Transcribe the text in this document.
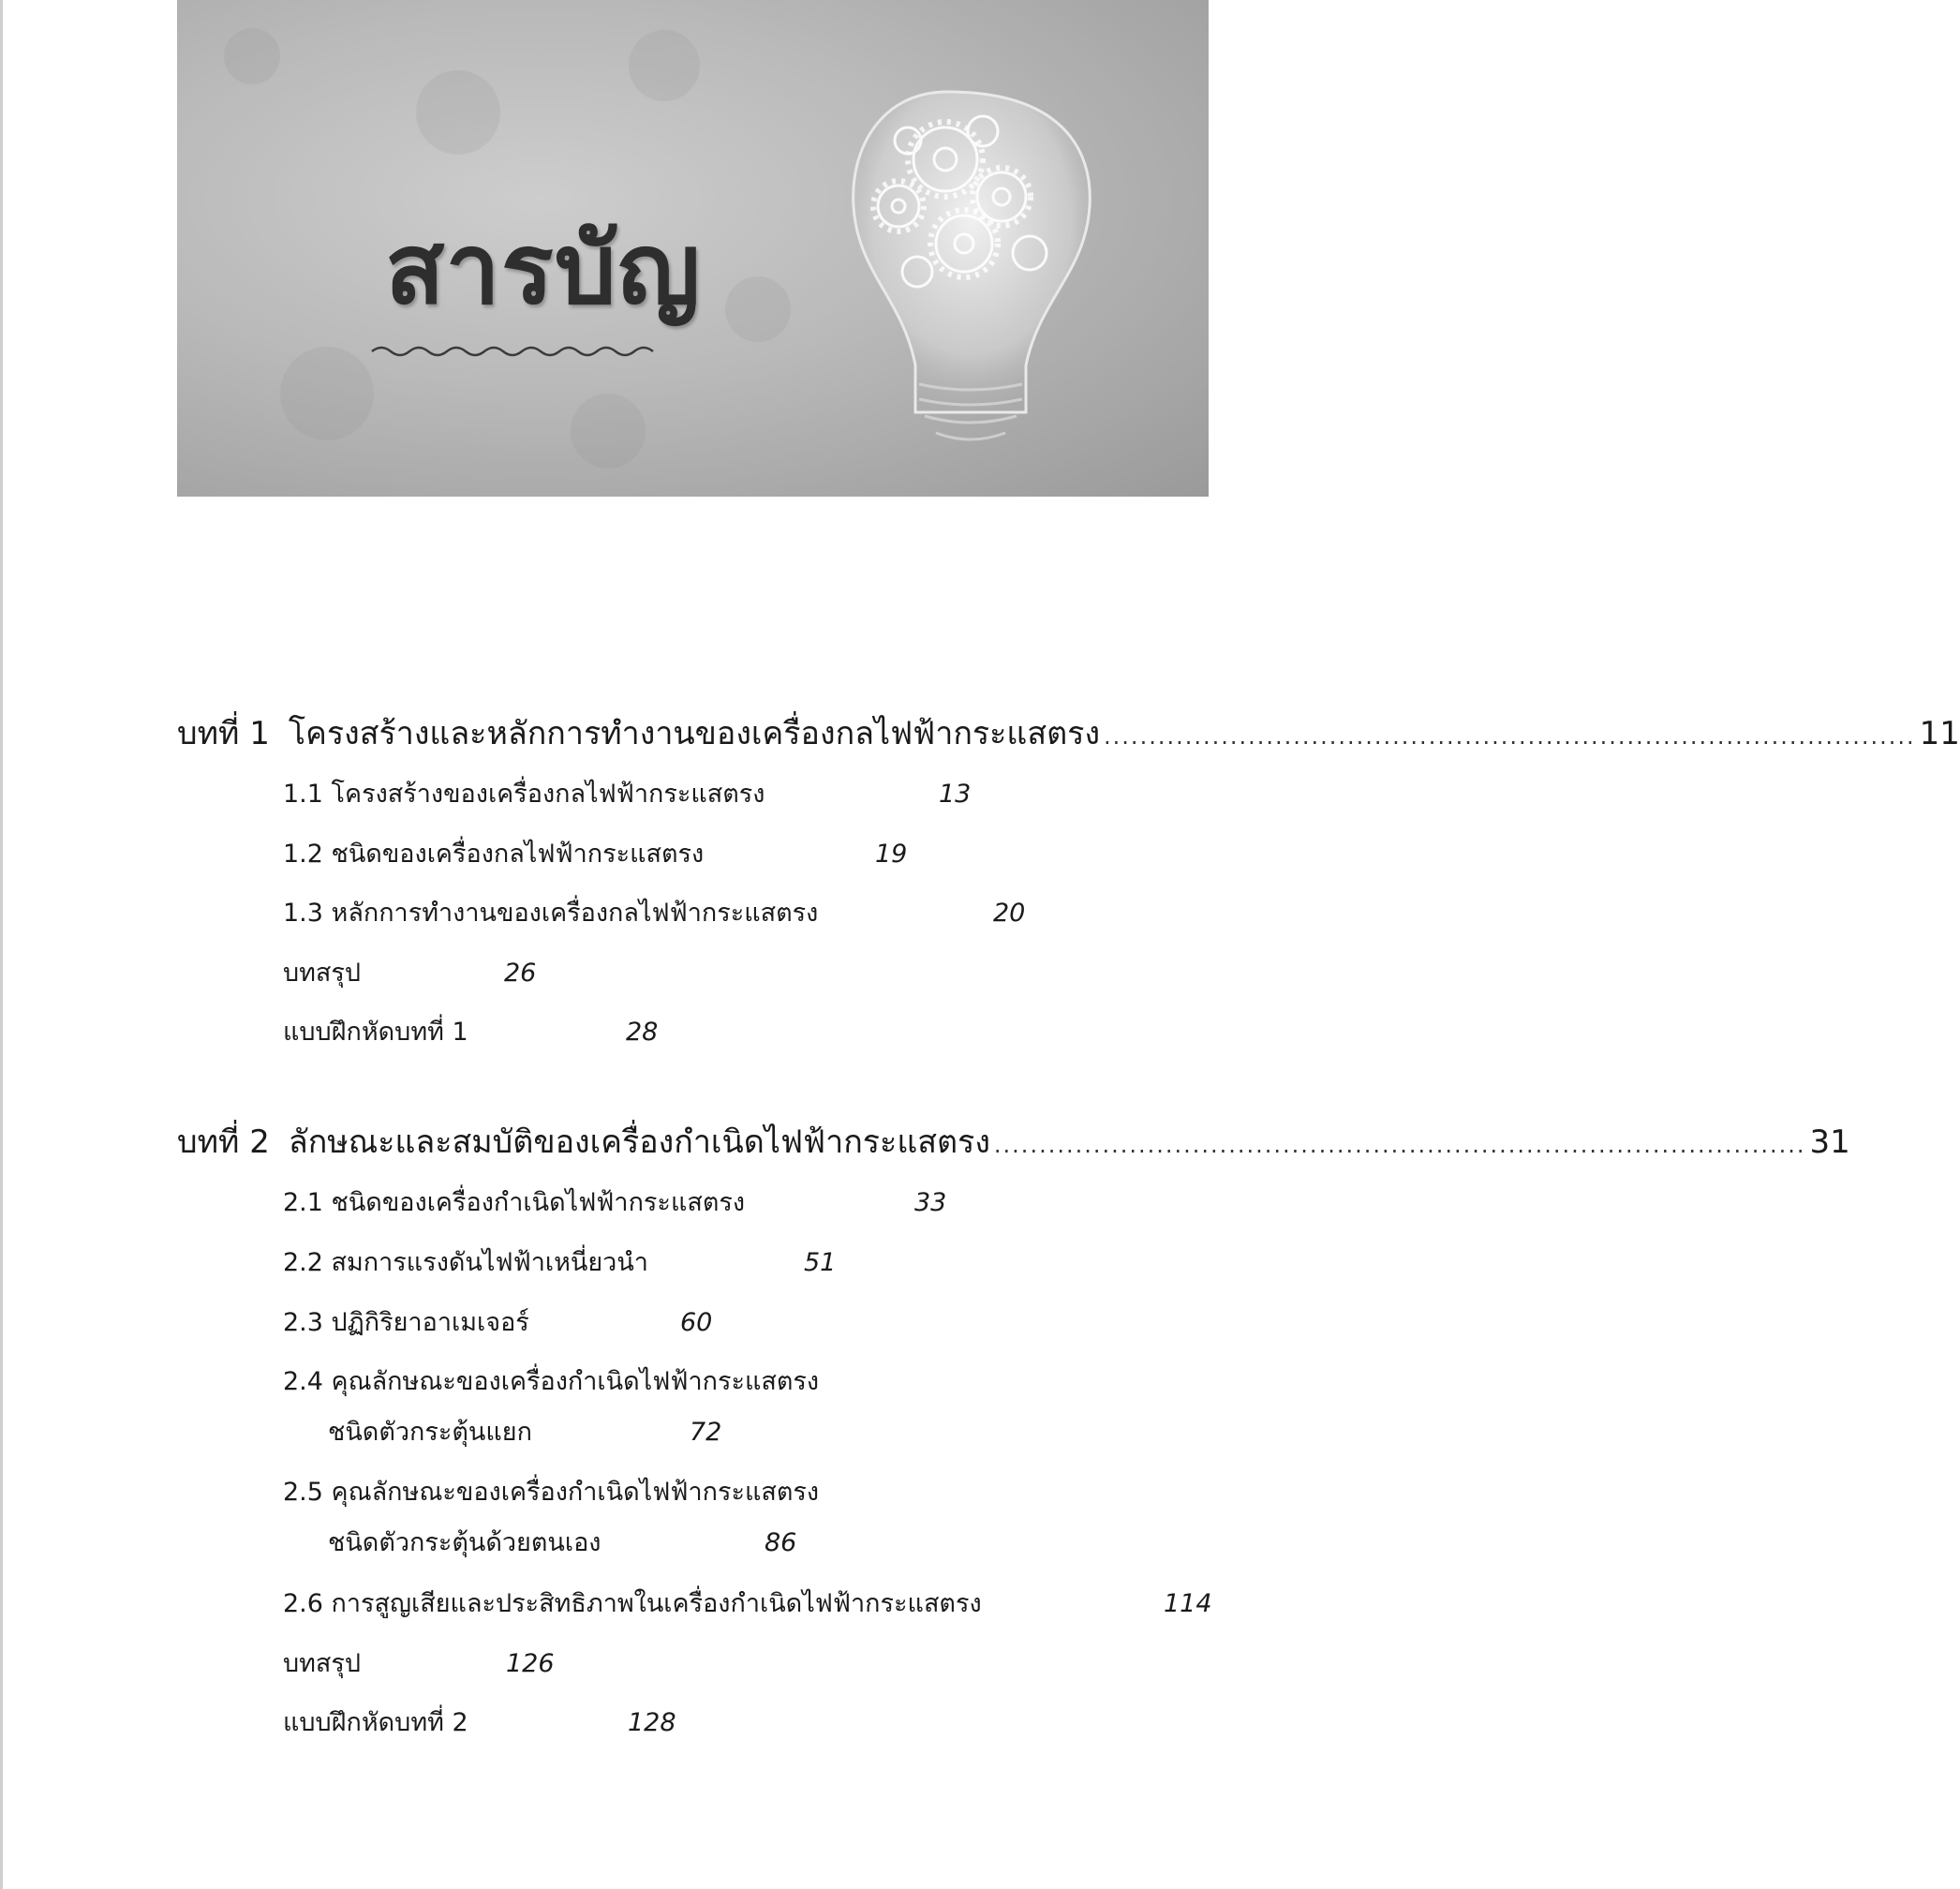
สารบัญ
บทที่ 1 โครงสร้างและหลักการทำงานของเครื่องกลไฟฟ้ากระแสตรง .......................................................................................... 11
1.1 โครงสร้างของเครื่องกลไฟฟ้ากระแสตรง	13
1.2 ชนิดของเครื่องกลไฟฟ้ากระแสตรง	19
1.3 หลักการทำงานของเครื่องกลไฟฟ้ากระแสตรง	20
บทสรุป	26
แบบฝึกหัดบทที่ 1	28
บทที่ 2 ลักษณะและสมบัติของเครื่องกำเนิดไฟฟ้ากระแสตรง .......................................................................................... 31
2.1 ชนิดของเครื่องกำเนิดไฟฟ้ากระแสตรง	33
2.2 สมการแรงดันไฟฟ้าเหนี่ยวนำ	51
2.3 ปฏิกิริยาอาเมเจอร์	60
2.4 คุณลักษณะของเครื่องกำเนิดไฟฟ้ากระแสตรง
ชนิดตัวกระตุ้นแยก	72
2.5 คุณลักษณะของเครื่องกำเนิดไฟฟ้ากระแสตรง
ชนิดตัวกระตุ้นด้วยตนเอง	86
2.6 การสูญเสียและประสิทธิภาพในเครื่องกำเนิดไฟฟ้ากระแสตรง	114
บทสรุป	126
แบบฝึกหัดบทที่ 2	128
